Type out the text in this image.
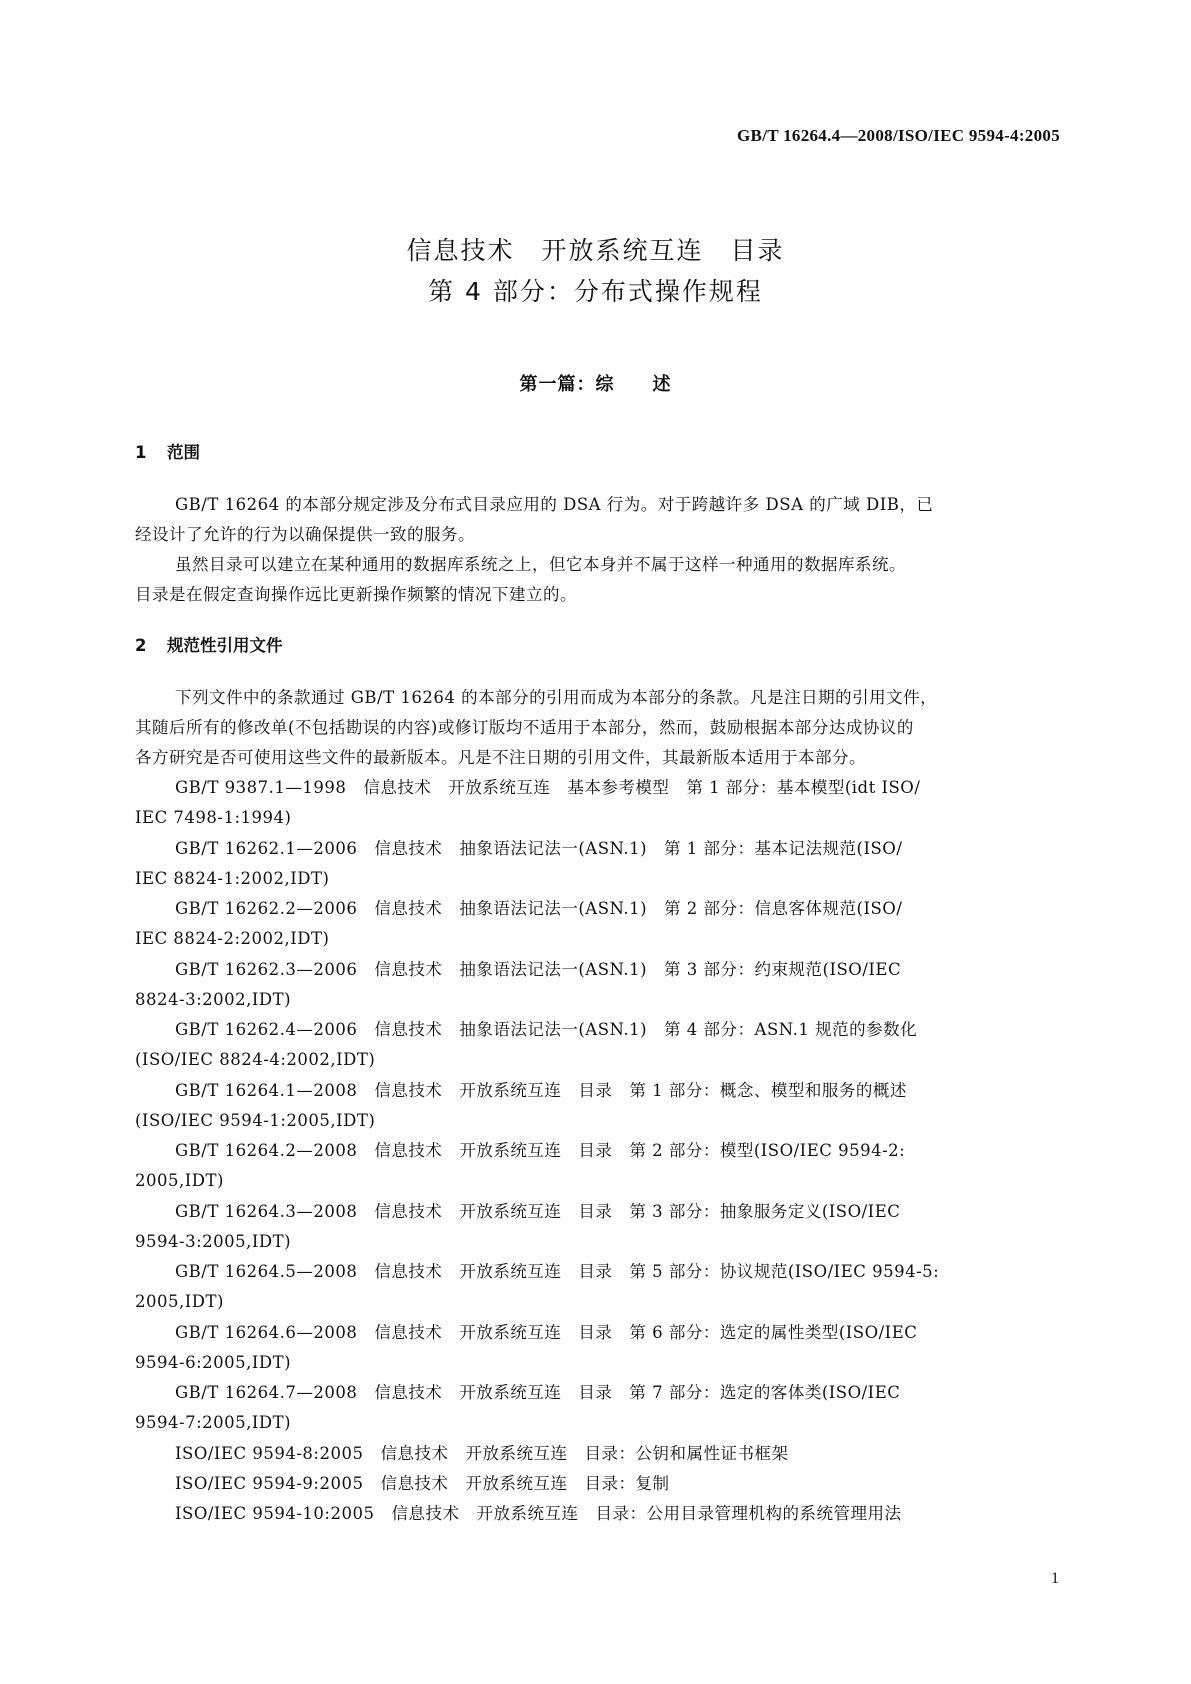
GB/T 16264.4—2008/ISO/IEC 9594-4:2005
信息技术　开放系统互连　目录
第 4 部分：分布式操作规程
第一篇：综　　述
1 范围
GB/T 16264 的本部分规定涉及分布式目录应用的 DSA 行为。对于跨越许多 DSA 的广域 DIB，已
经设计了允许的行为以确保提供一致的服务。
虽然目录可以建立在某种通用的数据库系统之上，但它本身并不属于这样一种通用的数据库系统。
目录是在假定查询操作远比更新操作频繁的情况下建立的。
2 规范性引用文件
下列文件中的条款通过 GB/T 16264 的本部分的引用而成为本部分的条款。凡是注日期的引用文件，
其随后所有的修改单(不包括勘误的内容)或修订版均不适用于本部分，然而，鼓励根据本部分达成协议的
各方研究是否可使用这些文件的最新版本。凡是不注日期的引用文件，其最新版本适用于本部分。
GB/T 9387.1—1998　信息技术　开放系统互连　基本参考模型　第 1 部分：基本模型(idt ISO/
IEC 7498-1:1994)
GB/T 16262.1—2006　信息技术　抽象语法记法一(ASN.1)　第 1 部分：基本记法规范(ISO/
IEC 8824-1:2002,IDT)
GB/T 16262.2—2006　信息技术　抽象语法记法一(ASN.1)　第 2 部分：信息客体规范(ISO/
IEC 8824-2:2002,IDT)
GB/T 16262.3—2006　信息技术　抽象语法记法一(ASN.1)　第 3 部分：约束规范(ISO/IEC
8824-3:2002,IDT)
GB/T 16262.4—2006　信息技术　抽象语法记法一(ASN.1)　第 4 部分：ASN.1 规范的参数化
(ISO/IEC 8824-4:2002,IDT)
GB/T 16264.1—2008　信息技术　开放系统互连　目录　第 1 部分：概念、模型和服务的概述
(ISO/IEC 9594-1:2005,IDT)
GB/T 16264.2—2008　信息技术　开放系统互连　目录　第 2 部分：模型(ISO/IEC 9594-2:
2005,IDT)
GB/T 16264.3—2008　信息技术　开放系统互连　目录　第 3 部分：抽象服务定义(ISO/IEC
9594-3:2005,IDT)
GB/T 16264.5—2008　信息技术　开放系统互连　目录　第 5 部分：协议规范(ISO/IEC 9594-5:
2005,IDT)
GB/T 16264.6—2008　信息技术　开放系统互连　目录　第 6 部分：选定的属性类型(ISO/IEC
9594-6:2005,IDT)
GB/T 16264.7—2008　信息技术　开放系统互连　目录　第 7 部分：选定的客体类(ISO/IEC
9594-7:2005,IDT)
ISO/IEC 9594-8:2005　信息技术　开放系统互连　目录：公钥和属性证书框架
ISO/IEC 9594-9:2005　信息技术　开放系统互连　目录：复制
ISO/IEC 9594-10:2005　信息技术　开放系统互连　目录：公用目录管理机构的系统管理用法
1
